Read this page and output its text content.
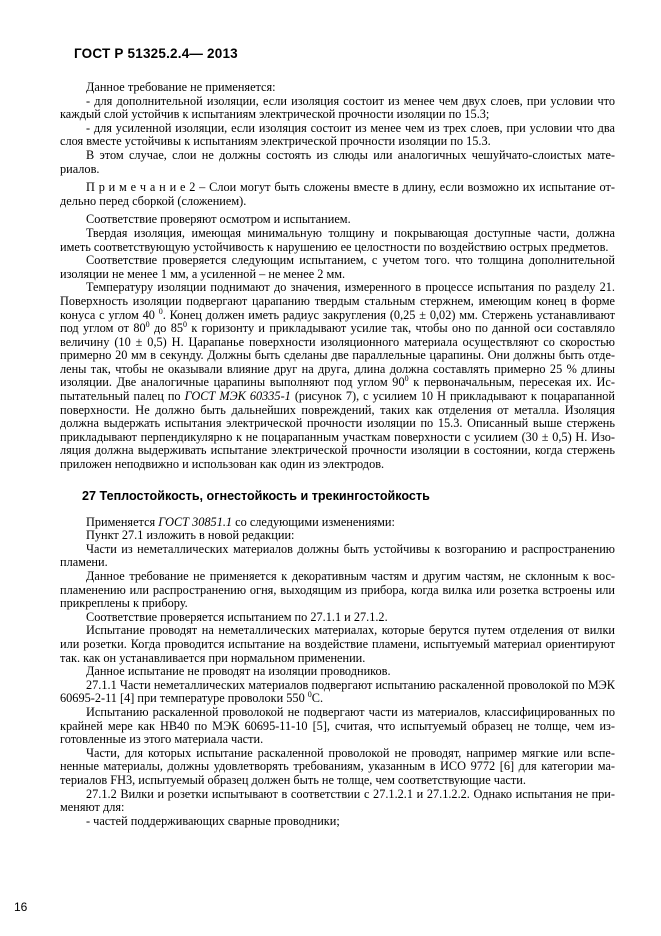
ГОСТ Р 51325.2.4— 2013

Данное требование не применяется:

- для дополнительной изоляции, если изоляция состоит из менее чем двух слоев, при условии что каждый слой устойчив к испытаниям электрической прочности изоляции по 15.3;

- для усиленной изоляции, если изоляция состоит из менее чем из трех слоев, при условии что два слоя вместе устойчивы к испытаниям электрической прочности изоляции по 15.3.

В этом случае, слои не должны состоять из слюды или аналогичных чешуйчато-слоистых мате-риалов.

П р и м е ч а н и е 2 – Слои могут быть сложены вместе в длину, если возможно их испытание от-дельно перед сборкой (сложением).

Соответствие проверяют осмотром и испытанием.

Твердая изоляция, имеющая минимальную толщину и покрывающая доступные части, должна иметь соответствующую устойчивость к нарушению ее целостности по воздействию острых предметов.

Соответствие проверяется следующим испытанием, с учетом того. что толщина дополнительной изоляции не менее 1 мм, а усиленной – не менее 2 мм.

Температуру изоляции поднимают до значения, измеренного в процессе испытания по разделу 21. Поверхность изоляции подвергают царапанию твердым стальным стержнем, имеющим конец в форме конуса с углом 40 $^0$. Конец должен иметь радиус закругления (0,25 ± 0,02) мм. Стержень устанавливают под углом от $80^0$ до $85^0$ к горизонту и прикладывают усилие так, чтобы оно по данной оси составляло величину (10 ± 0,5) Н. Царапанье поверхности изоляционного материала осуществляют со скоростью примерно 20 мм в секунду. Должны быть сделаны две параллельные царапины. Они должны быть отде-лены так, чтобы не оказывали влияние друг на друга, длина должна составлять примерно 25 % длины изоляции. Две аналогичные царапины выполняют под углом $90^0$ к первоначальным, пересекая их. Ис-пытательный палец по ГОСТ МЭК 60335-1 (рисунок 7), с усилием 10 Н прикладывают к поцарапанной поверхности. Не должно быть дальнейших повреждений, таких как отделения от металла. Изоляция должна выдержать испытания электрической прочности изоляции по 15.3. Описанный выше стержень прикладывают перпендикулярно к не поцарапанным участкам поверхности с усилием (30 ± 0,5) Н. Изо-ляция должна выдерживать испытание электрической прочности изоляции в состоянии, когда стержень приложен неподвижно и использован как один из электродов.

27 Теплостойкость, огнестойкость и трекингостойкость

Применяется ГОСТ 30851.1 со следующими изменениями:

Пункт 27.1 изложить в новой редакции:

Части из неметаллических материалов должны быть устойчивы к возгоранию и распространению пламени.

Данное требование не применяется к декоративным частям и другим частям, не склонным к вос-пламенению или распространению огня, выходящим из прибора, когда вилка или розетка встроены или прикреплены к прибору.

Соответствие проверяется испытанием по 27.1.1 и 27.1.2.

Испытание проводят на неметаллических материалах, которые берутся путем отделения от вилки или розетки. Когда проводится испытание на воздействие пламени, испытуемый материал ориентируют так. как он устанавливается при нормальном применении.

Данное испытание не проводят на изоляции проводников.

27.1.1 Части неметаллических материалов подвергают испытанию раскаленной проволокой по МЭК 60695-2-11 [4] при температуре проволоки 550 $^0$С.

Испытанию раскаленной проволокой не подвергают части из материалов, классифицированных по крайней мере как НВ40 по МЭК 60695-11-10 [5], считая, что испытуемый образец не толще, чем из-готовленные из этого материала части.

Части, для которых испытание раскаленной проволокой не проводят, например мягкие или вспе-ненные материалы, должны удовлетворять требованиям, указанным в ИСО 9772 [6] для категории ма-териалов FH3, испытуемый образец должен быть не толще, чем соответствующие части.

27.1.2 Вилки и розетки испытывают в соответствии с 27.1.2.1 и 27.1.2.2. Однако испытания не при-меняют для:

- частей поддерживающих сварные проводники;

16
